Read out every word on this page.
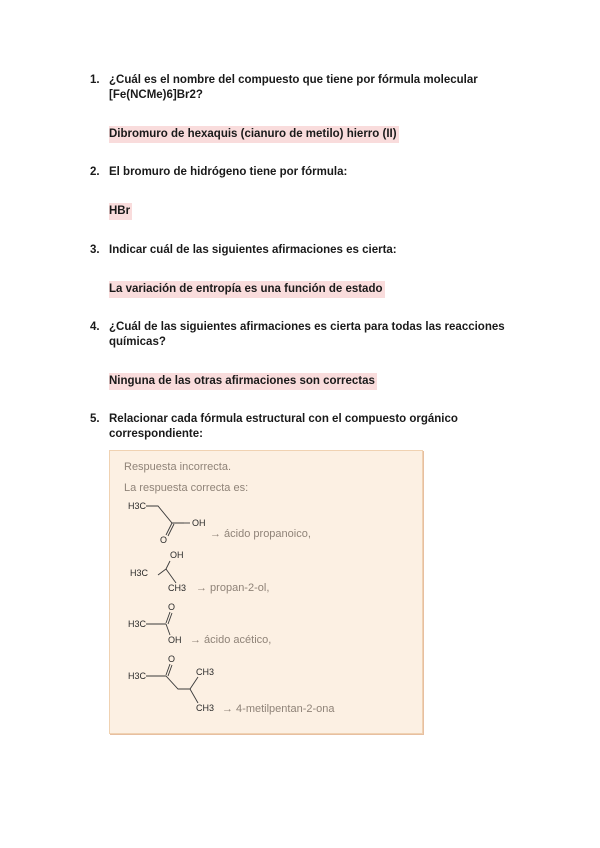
1. ¿Cuál es el nombre del compuesto que tiene por fórmula molecular [Fe(NCMe)6]Br2?
Dibromuro de hexaquis (cianuro de metilo) hierro (II)
2. El bromuro de hidrógeno tiene por fórmula:
HBr
3. Indicar cuál de las siguientes afirmaciones es cierta:
La variación de entropía es una función de estado
4. ¿Cuál de las siguientes afirmaciones es cierta para todas las reacciones químicas?
Ninguna de las otras afirmaciones son correctas
5. Relacionar cada fórmula estructural con el compuesto orgánico correspondiente:
Respuesta incorrecta.
La respuesta correcta es:
H3C
OH
O	→ ácido propanoico,
OH
H3C
CH3 → propan-2-ol,
O
H3C
OH → ácido acético,
O
H3C	CH3
CH3 → 4-metilpentan-2-ona
